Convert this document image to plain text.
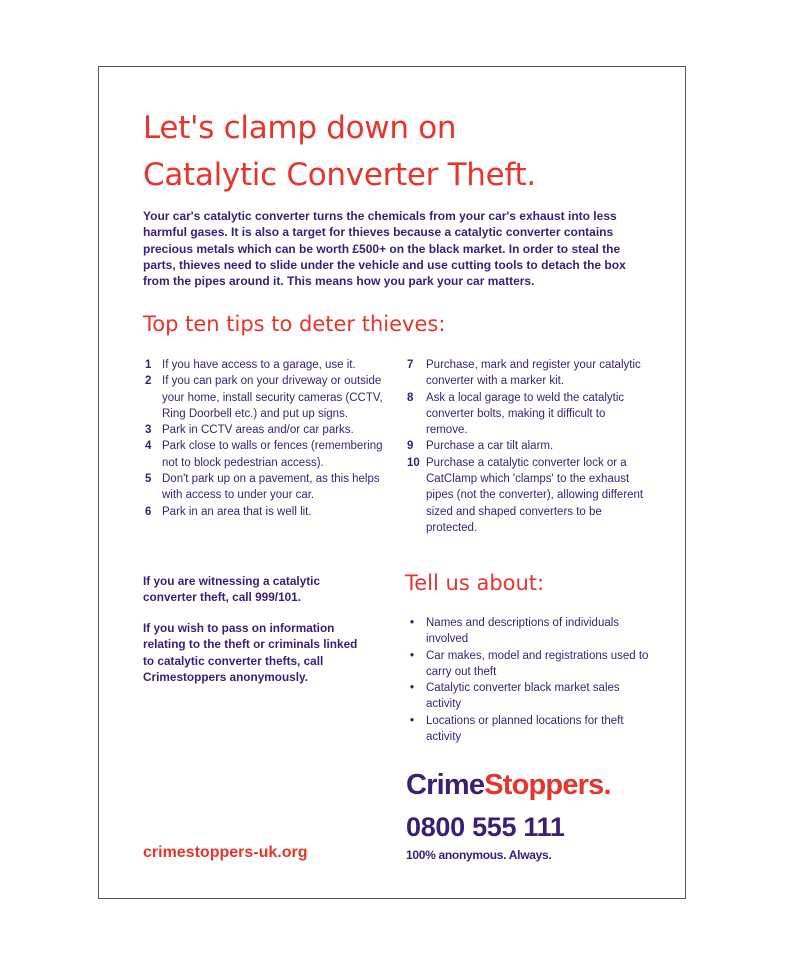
Let's clamp down on
Catalytic Converter Theft.

Your car's catalytic converter turns the chemicals from your car's exhaust into less harmful gases. It is also a target for thieves because a catalytic converter contains precious metals which can be worth £500+ on the black market. In order to steal the parts, thieves need to slide under the vehicle and use cutting tools to detach the box from the pipes around it. This means how you park your car matters.

Top ten tips to deter thieves:
1 If you have access to a garage, use it.
2 If you can park on your driveway or outside your home, install security cameras (CCTV, Ring Doorbell etc.) and put up signs.
3 Park in CCTV areas and/or car parks.
4 Park close to walls or fences (remembering not to block pedestrian access).
5 Don't park up on a pavement, as this helps with access to under your car.
6 Park in an area that is well lit.
7	Purchase, mark and register your catalytic converter with a marker kit.
8	Ask a local garage to weld the catalytic converter bolts, making it difficult to remove.
9	Purchase a car tilt alarm.
10 Purchase a catalytic converter lock or a CatClamp which 'clamps' to the exhaust pipes (not the converter), allowing different sized and shaped converters to be protected.

If you are witnessing a catalytic converter theft, call 999/101.

If you wish to pass on information relating to the theft or criminals linked to catalytic converter thefts, call Crimestoppers anonymously.

Tell us about:
•	Names and descriptions of individuals involved
•	Car makes, model and registrations used to carry out theft
•	Catalytic converter black market sales activity
•	Locations or planned locations for theft activity

CrimeStoppers.

0800 555 111

100% anonymous. Always.

crimestoppers-uk.org
